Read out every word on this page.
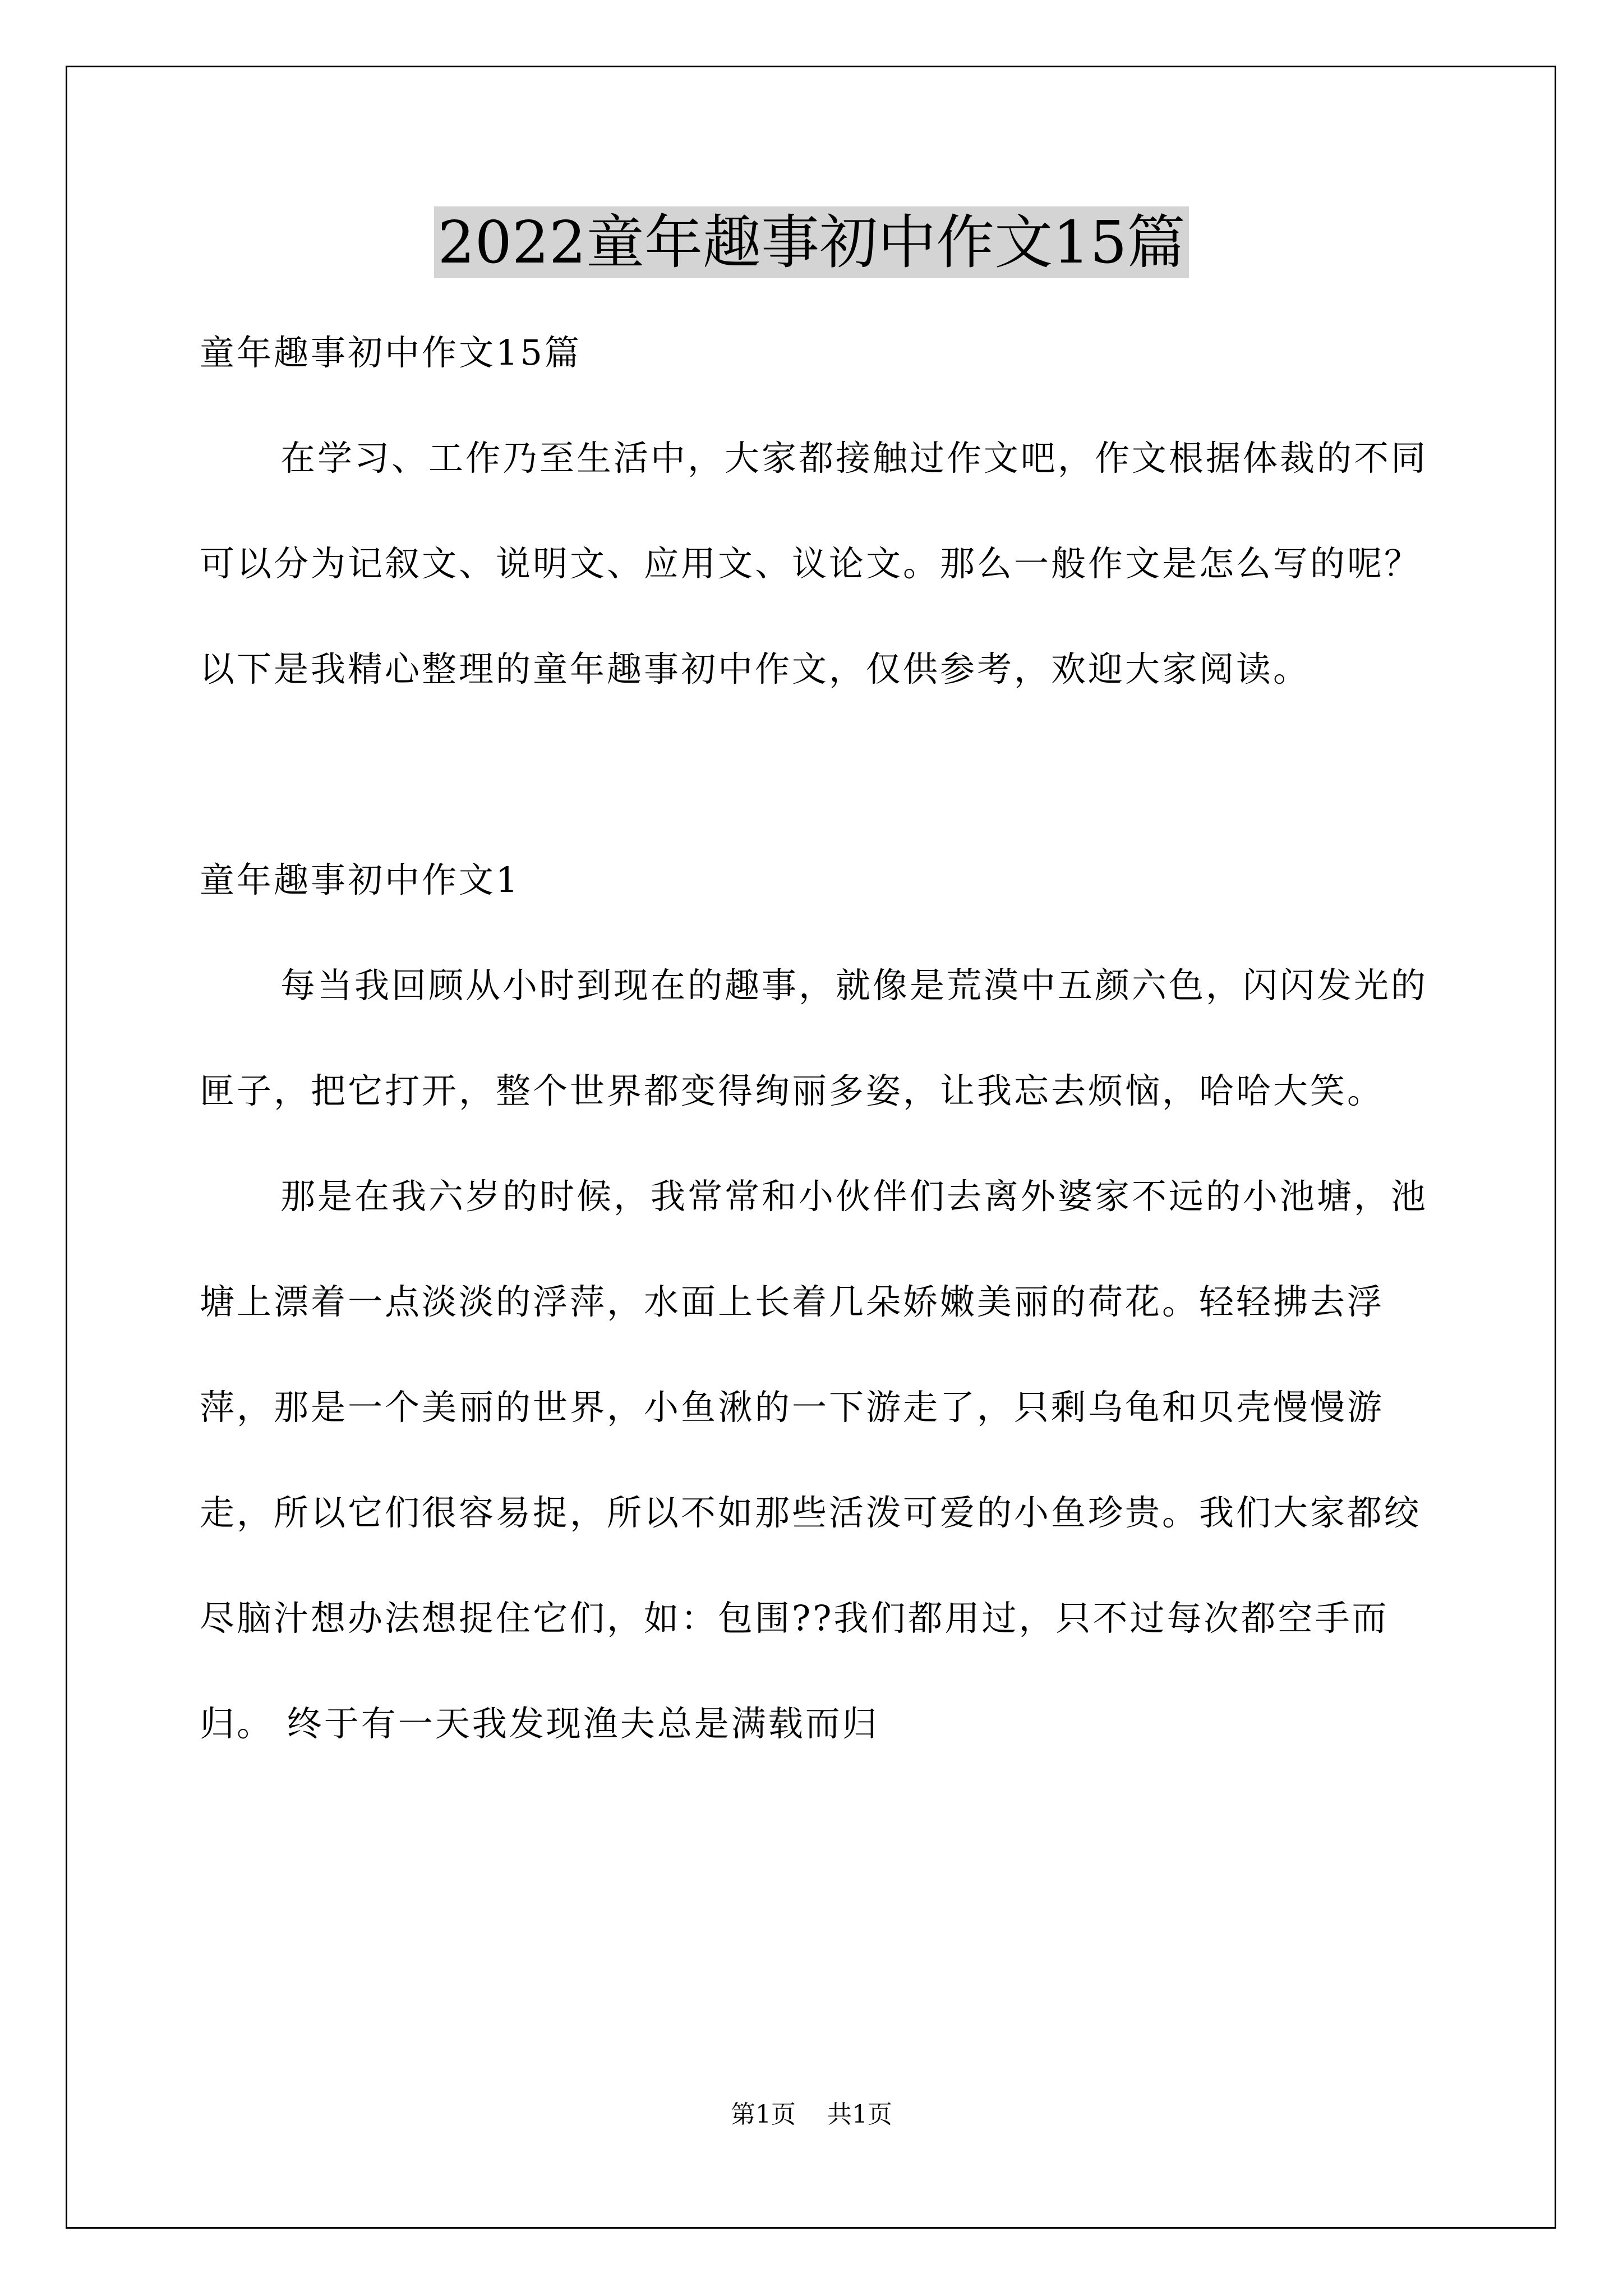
2022童年趣事初中作文15篇

童年趣事初中作文15篇

在学习、工作乃至生活中，大家都接触过作文吧，作文根据体裁的不同可以分为记叙文、说明文、应用文、议论文。那么一般作文是怎么写的呢？以下是我精心整理的童年趣事初中作文，仅供参考，欢迎大家阅读。

童年趣事初中作文1

每当我回顾从小时到现在的趣事，就像是荒漠中五颜六色，闪闪发光的匣子，把它打开，整个世界都变得绚丽多姿，让我忘去烦恼，哈哈大笑。

那是在我六岁的时候，我常常和小伙伴们去离外婆家不远的小池塘，池塘上漂着一点淡淡的浮萍，水面上长着几朵娇嫩美丽的荷花。轻轻拂去浮萍，那是一个美丽的世界，小鱼湫的一下游走了，只剩乌龟和贝壳慢慢游走，所以它们很容易捉，所以不如那些活泼可爱的小鱼珍贵。我们大家都绞尽脑汁想办法想捉住它们，如：包围??我们都用过，只不过每次都空手而归。 终于有一天我发现渔夫总是满载而归

第1页 共1页
